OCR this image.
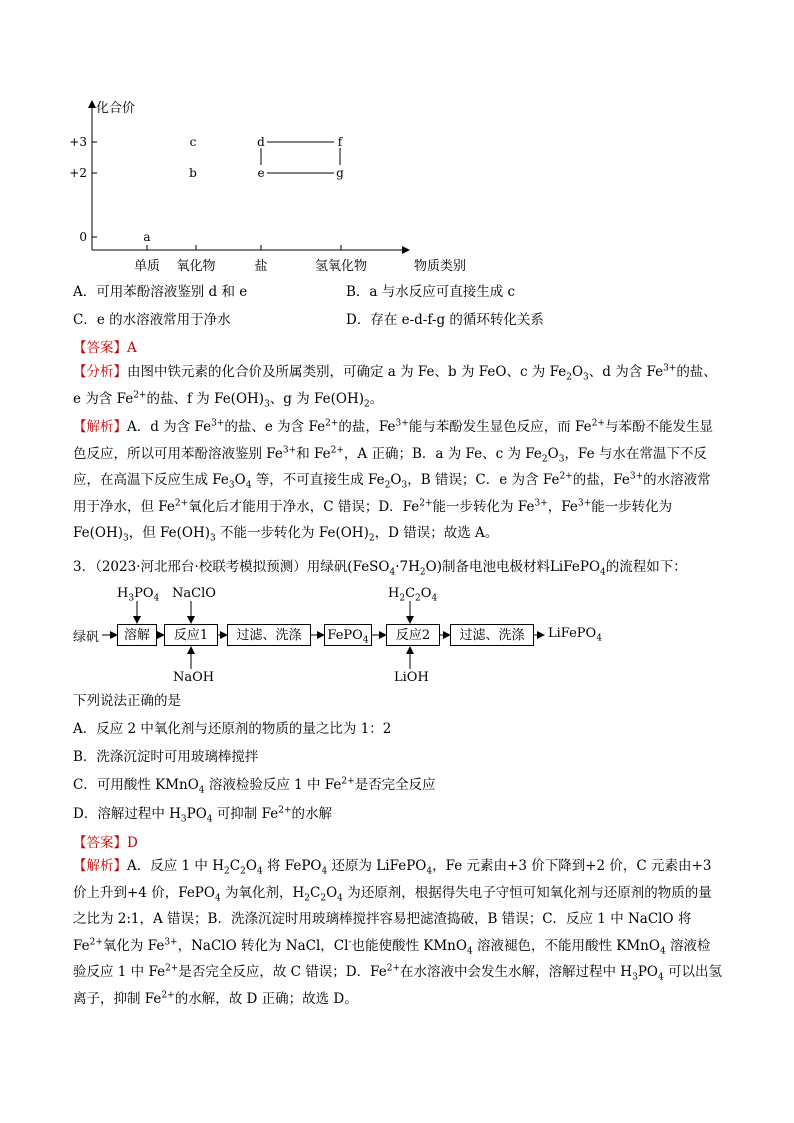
化合价
+3
+2
0
单质 氧化物	盐	氢氧化物	物质类别
a
b
c	d
e
f
g
A．可用苯酚溶液鉴别 d 和 e	B．a 与水反应可直接生成 c
C．e 的水溶液常用于净水	D．存在 e-d-f-g 的循环转化关系
【答案】A
【分析】由图中铁元素的化合价及所属类别，可确定 a 为 Fe、b 为 FeO、c 为 $Fe_2O_3$、d 为含 $Fe^{3+}$的盐、e 为含 $Fe^{2+}$的盐、f 为 $Fe(OH)_3$、g 为 $Fe(OH)_2$。
【解析】A．d 为含 $Fe^{3+}$的盐、e 为含 $Fe^{2+}$的盐，$Fe^{3+}$能与苯酚发生显色反应，而 $Fe^{2+}$与苯酚不能发生显色反应，所以可用苯酚溶液鉴别 $Fe^{3+}$和 $Fe^{2+}$，A 正确；B．a 为 Fe、c 为 $Fe_2O_3$，Fe 与水在常温下不反应，在高温下反应生成 $Fe_3O_4$ 等，不可直接生成 $Fe_2O_3$，B 错误；C．e 为含 $Fe^{2+}$的盐，$Fe^{3+}$的水溶液常用于净水，但 $Fe^{2+}$氧化后才能用于净水，C 错误；D．$Fe^{2+}$能一步转化为 $Fe^{3+}$，$Fe^{3+}$能一步转化为 $Fe(OH)_3$，但 $Fe(OH)_3$ 不能一步转化为 $Fe(OH)_2$，D 错误；故选 A。
3．（2023·河北邢台·校联考模拟预测）用绿矾$(FeSO_4\cdot 7H_2O)$制备电池电极材料LiFePO$_4$的流程如下：
绿矾	溶解	反应1	过滤、洗涤	FePO$_4$	反应2	过滤、洗涤	LiFePO$_4$
$H_3PO_4$ NaClO
NaOH
$H_2C_2O_4$
LiOH
下列说法正确的是
A．反应 2 中氧化剂与还原剂的物质的量之比为 1：2
B．洗涤沉淀时可用玻璃棒搅拌
C．可用酸性 KMnO$_4$ 溶液检验反应 1 中 $Fe^{2+}$是否完全反应
D．溶解过程中 $H_3PO_4$ 可抑制 $Fe^{2+}$的水解
【答案】D
【解析】A．反应 1 中 $H_2C_2O_4$ 将 FePO$_4$ 还原为 LiFePO$_4$，Fe 元素由+3 价下降到+2 价，C 元素由+3 价上升到+4 价，FePO$_4$ 为氧化剂，$H_2C_2O_4$ 为还原剂，根据得失电子守恒可知氧化剂与还原剂的物质的量之比为 2:1，A 错误；B．洗涤沉淀时用玻璃棒搅拌容易把滤渣捣破，B 错误；C．反应 1 中 NaClO 将 $Fe^{2+}$氧化为 $Fe^{3+}$，NaClO 转化为 NaCl，Cl-也能使酸性 KMnO$_4$ 溶液褪色，不能用酸性 KMnO$_4$ 溶液检验反应 1 中 $Fe^{2+}$是否完全反应，故 C 错误；D．$Fe^{2+}$在水溶液中会发生水解，溶解过程中 $H_3PO_4$ 可以出氢离子，抑制 $Fe^{2+}$的水解，故 D 正确；故选 D。
